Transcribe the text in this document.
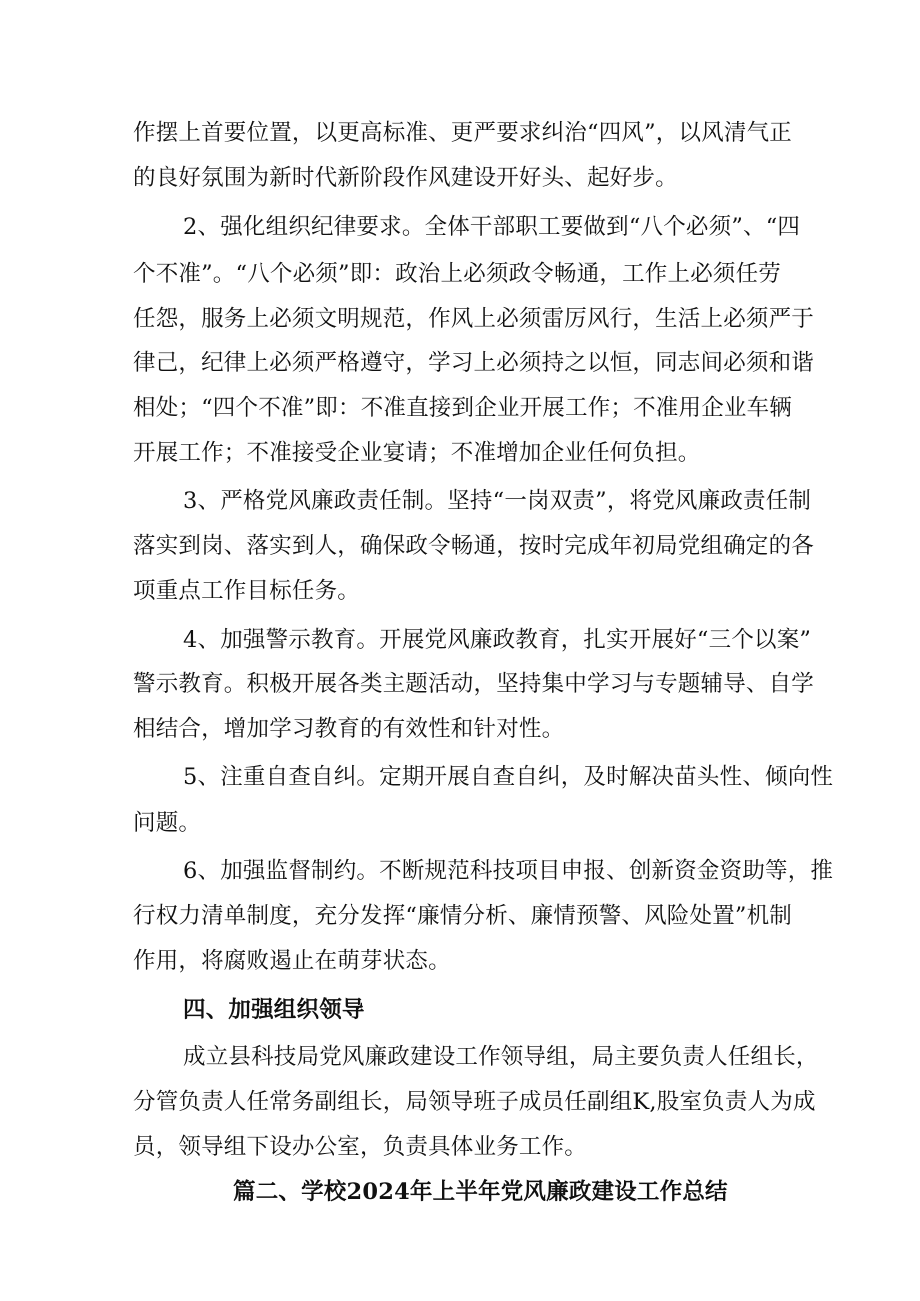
作摆上首要位置，以更高标准、更严要求纠治“四风”，以风清气正
的良好氛围为新时代新阶段作风建设开好头、起好步。
2、强化组织纪律要求。全体干部职工要做到“八个必须”、“四
个不准”。“八个必须”即：政治上必须政令畅通，工作上必须任劳
任怨，服务上必须文明规范，作风上必须雷厉风行，生活上必须严于
律己，纪律上必须严格遵守，学习上必须持之以恒，同志间必须和谐
相处；“四个不准”即：不准直接到企业开展工作；不准用企业车辆
开展工作；不准接受企业宴请；不准增加企业任何负担。
3、严格党风廉政责任制。坚持“一岗双责”，将党风廉政责任制
落实到岗、落实到人，确保政令畅通，按时完成年初局党组确定的各
项重点工作目标任务。
4、加强警示教育。开展党风廉政教育，扎实开展好“三个以案”
警示教育。积极开展各类主题活动，坚持集中学习与专题辅导、自学
相结合，增加学习教育的有效性和针对性。
5、注重自查自纠。定期开展自查自纠，及时解决苗头性、倾向性
问题。
6、加强监督制约。不断规范科技项目申报、创新资金资助等，推
行权力清单制度，充分发挥“廉情分析、廉情预警、风险处置”机制
作用，将腐败遏止在萌芽状态。
四、加强组织领导
成立县科技局党风廉政建设工作领导组，局主要负责人任组长，
分管负责人任常务副组长，局领导班子成员任副组K,股室负责人为成
员，领导组下设办公室，负责具体业务工作。
篇二、学校2024年上半年党风廉政建设工作总结
